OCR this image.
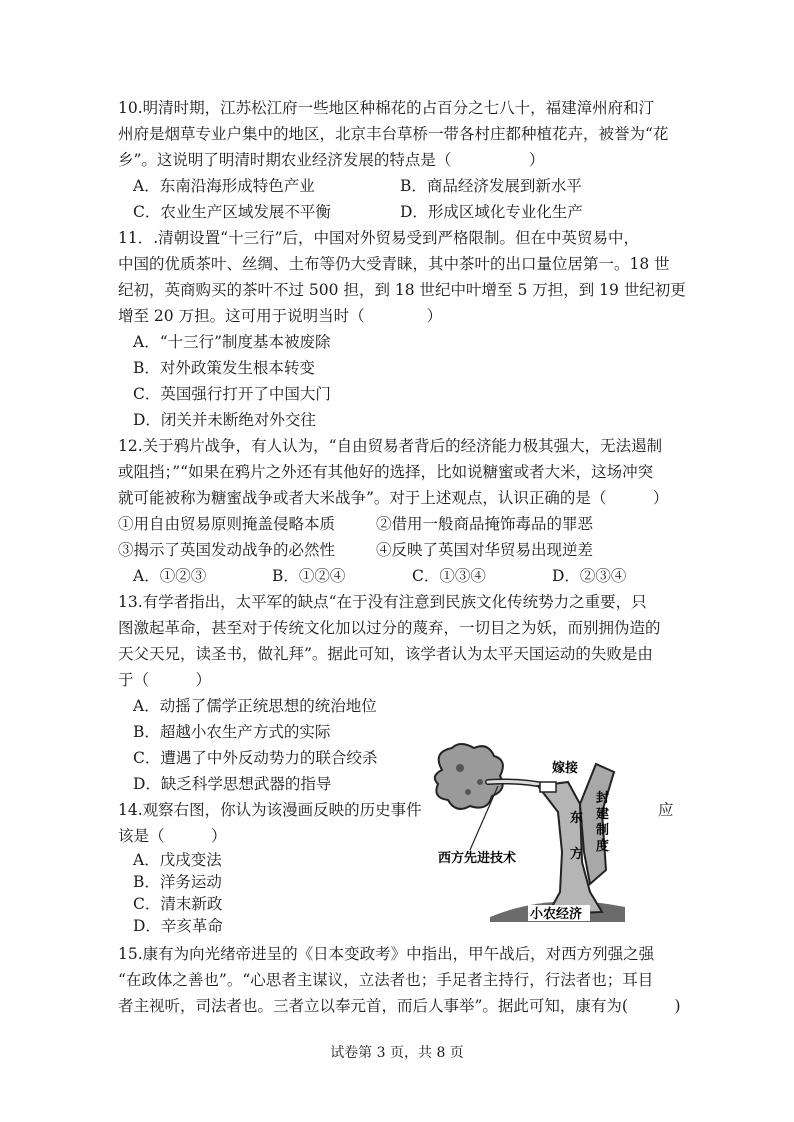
10.明清时期，江苏松江府一些地区种棉花的占百分之七八十，福建漳州府和汀
州府是烟草专业户集中的地区，北京丰台草桥一带各村庄都种植花卉，被誉为“花
乡”。这说明了明清时期农业经济发展的特点是（　　　　　）
A．东南沿海形成特色产业	B．商品经济发展到新水平
C．农业生产区域发展不平衡	D．形成区域化专业化生产
11．.清朝设置“十三行”后，中国对外贸易受到严格限制。但在中英贸易中，
中国的优质茶叶、丝绸、土布等仍大受青睐，其中茶叶的出口量位居第一。18 世
纪初，英商购买的茶叶不过 500 担，到 18 世纪中叶增至 5 万担，到 19 世纪初更
增至 20 万担。这可用于说明当时（　　　　）
A．“十三行”制度基本被废除
B．对外政策发生根本转变
C．英国强行打开了中国大门
D．闭关并未断绝对外交往
12.关于鸦片战争，有人认为，“自由贸易者背后的经济能力极其强大，无法遏制
或阻挡；”“如果在鸦片之外还有其他好的选择，比如说糖蜜或者大米，这场冲突
就可能被称为糖蜜战争或者大米战争”。对于上述观点，认识正确的是（　　　）
①用自由贸易原则掩盖侵略本质	②借用一般商品掩饰毒品的罪恶
③揭示了英国发动战争的必然性	④反映了英国对华贸易出现逆差
A．①②③	B．①②④	C．①③④	D．②③④
13.有学者指出，太平军的缺点“在于没有注意到民族文化传统势力之重要，只
图激起革命，甚至对于传统文化加以过分的蔑弃，一切目之为妖，而别拥伪造的
天父天兄，读圣书，做礼拜”。据此可知，该学者认为太平天国运动的失败是由
于（　　　）
A．动摇了儒学正统思想的统治地位
B．超越小农生产方式的实际
C．遭遇了中外反动势力的联合绞杀
D．缺乏科学思想武器的指导
14.观察右图，你认为该漫画反映的历史事件	应
该是（　　　）
A．戊戌变法
B．洋务运动
C．清末新政
D．辛亥革命
嫁接
东方
封建制度
西方先进技术
小农经济
15.康有为向光绪帝进呈的《日本变政考》中指出，甲午战后，对西方列强之强
“在政体之善也”。“心思者主谋议，立法者也；手足者主持行，行法者也；耳目
者主视听，司法者也。三者立以奉元首，而后人事举”。据此可知，康有为(　　　)
试卷第 3 页，共 8 页
